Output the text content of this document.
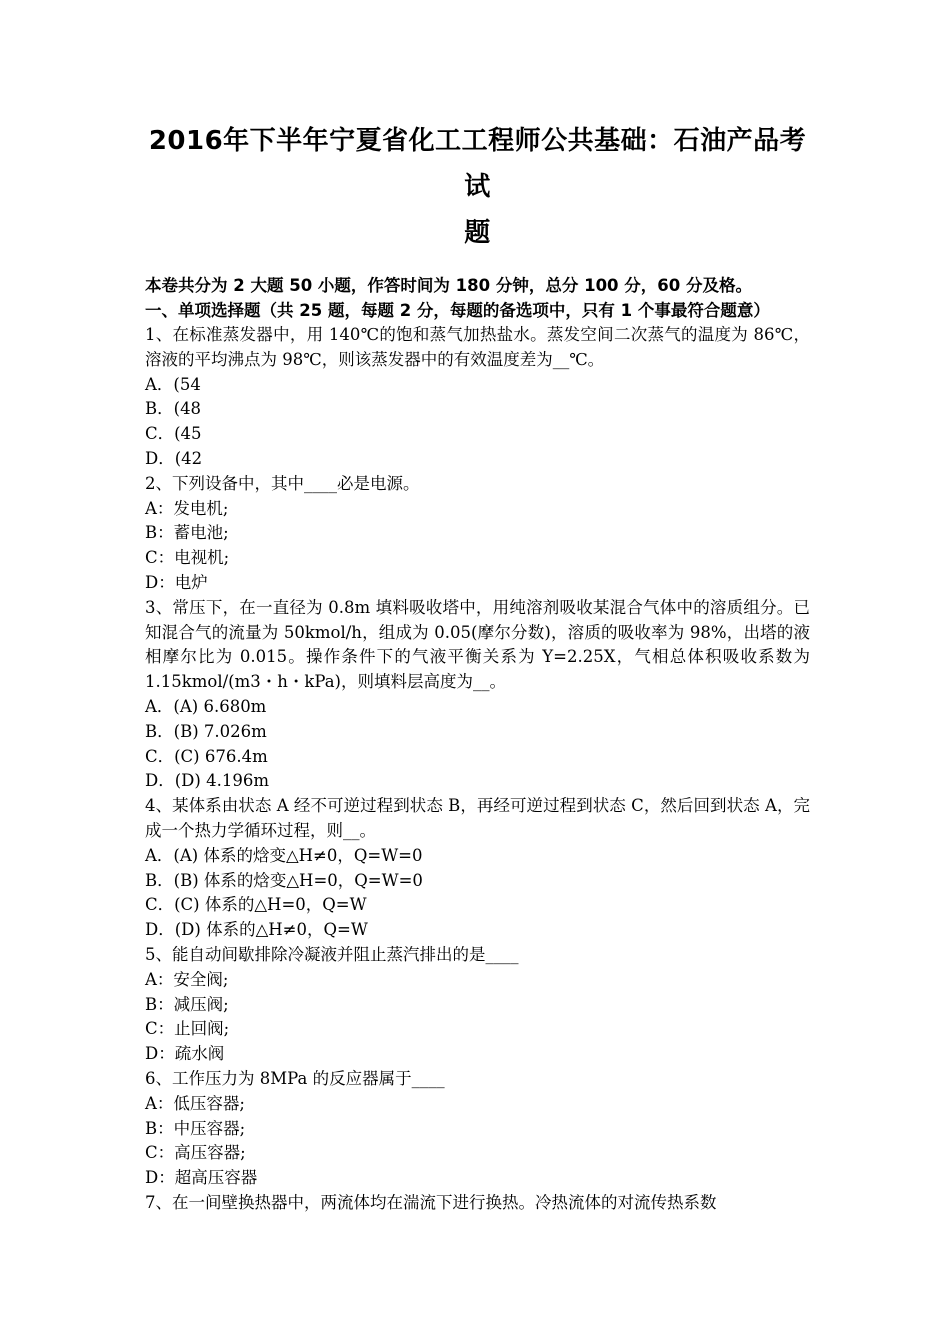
2016年下半年宁夏省化工工程师公共基础：石油产品考试
题
本卷共分为 2 大题 50 小题，作答时间为 180 分钟，总分 100 分，60 分及格。
一、单项选择题（共 25 题，每题 2 分，每题的备选项中，只有 1 个事最符合题意）
1、在标准蒸发器中，用 140℃的饱和蒸气加热盐水。蒸发空间二次蒸气的温度为 86℃，溶液的平均沸点为 98℃，则该蒸发器中的有效温度差为__℃。
A．(54
B．(48
C．(45
D．(42
2、下列设备中，其中____必是电源。
A：发电机;
B：蓄电池;
C：电视机;
D：电炉
3、常压下，在一直径为 0.8m 填料吸收塔中，用纯溶剂吸收某混合气体中的溶质组分。已知混合气的流量为 50kmol/h，组成为 0.05(摩尔分数)，溶质的吸收率为 98%，出塔的液相摩尔比为 0.015。操作条件下的气液平衡关系为 Y=2.25X，气相总体积吸收系数为 1.15kmol/(m3・h・kPa)，则填料层高度为__。
A．(A) 6.680m
B．(B) 7.026m
C．(C) 676.4m
D．(D) 4.196m
4、某体系由状态 A 经不可逆过程到状态 B，再经可逆过程到状态 C，然后回到状态 A，完成一个热力学循环过程，则__。
A．(A) 体系的焓变△H≠0，Q=W=0
B．(B) 体系的焓变△H=0，Q=W=0
C．(C) 体系的△H=0，Q=W
D．(D) 体系的△H≠0，Q=W
5、能自动间歇排除冷凝液并阻止蒸汽排出的是____
A：安全阀;
B：减压阀;
C：止回阀;
D：疏水阀
6、工作压力为 8MPa 的反应器属于____
A：低压容器;
B：中压容器;
C：高压容器;
D：超高压容器
7、在一间壁换热器中，两流体均在湍流下进行换热。冷热流体的对流传热系数
